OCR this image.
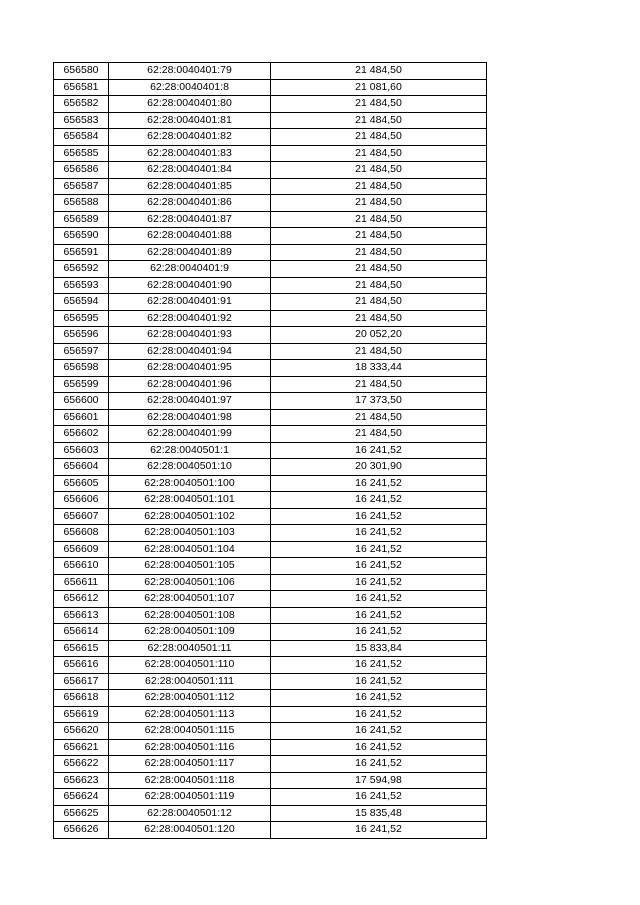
656580	62:28:0040401:79	21 484,50
656581	62:28:0040401:8	21 081,60
656582	62:28:0040401:80	21 484,50
656583	62:28:0040401:81	21 484,50
656584	62:28:0040401:82	21 484,50
656585	62:28:0040401:83	21 484,50
656586	62:28:0040401:84	21 484,50
656587	62:28:0040401:85	21 484,50
656588	62:28:0040401:86	21 484,50
656589	62:28:0040401:87	21 484,50
656590	62:28:0040401:88	21 484,50
656591	62:28:0040401:89	21 484,50
656592	62:28:0040401:9	21 484,50
656593	62:28:0040401:90	21 484,50
656594	62:28:0040401:91	21 484,50
656595	62:28:0040401:92	21 484,50
656596	62:28:0040401:93	20 052,20
656597	62:28:0040401:94	21 484,50
656598	62:28:0040401:95	18 333,44
656599	62:28:0040401:96	21 484,50
656600	62:28:0040401:97	17 373,50
656601	62:28:0040401:98	21 484,50
656602	62:28:0040401:99	21 484,50
656603	62:28:0040501:1	16 241,52
656604	62:28:0040501:10	20 301,90
656605	62:28:0040501:100	16 241,52
656606	62:28:0040501:101	16 241,52
656607	62:28:0040501:102	16 241,52
656608	62:28:0040501:103	16 241,52
656609	62:28:0040501:104	16 241,52
656610	62:28:0040501:105	16 241,52
656611	62:28:0040501:106	16 241,52
656612	62:28:0040501:107	16 241,52
656613	62:28:0040501:108	16 241,52
656614	62:28:0040501:109	16 241,52
656615	62:28:0040501:11	15 833,84
656616	62:28:0040501:110	16 241,52
656617	62:28:0040501:111	16 241,52
656618	62:28:0040501:112	16 241,52
656619	62:28:0040501:113	16 241,52
656620	62:28:0040501:115	16 241,52
656621	62:28:0040501:116	16 241,52
656622	62:28:0040501:117	16 241,52
656623	62:28:0040501:118	17 594,98
656624	62:28:0040501:119	16 241,52
656625	62:28:0040501:12	15 835,48
656626	62:28:0040501:120	16 241,52
